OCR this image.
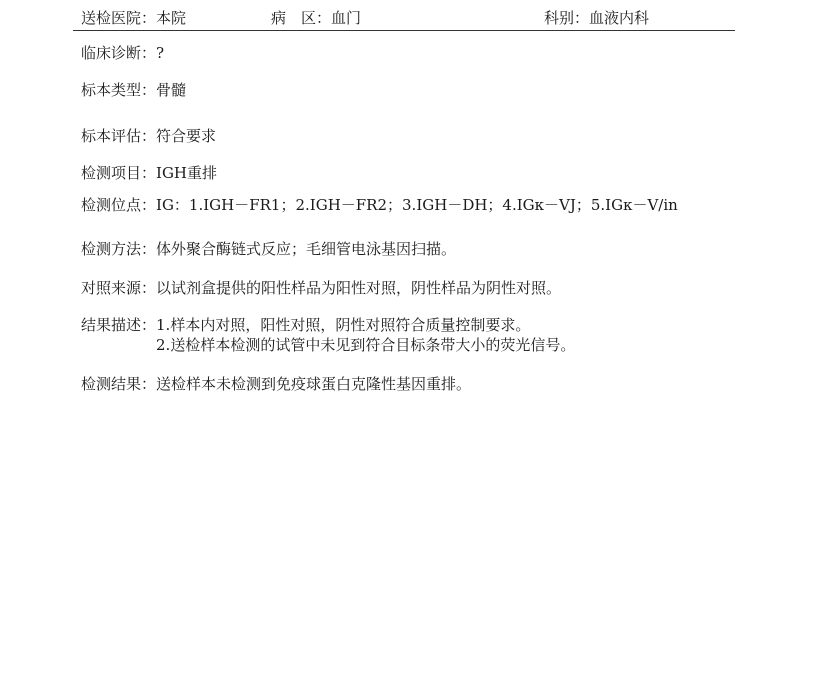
送检医院：本院	病　区：血门	科别：血液内科
临床诊断：?
标本类型：骨髓
标本评估：符合要求
检测项目：IGH重排
检测位点：IG：1.IGH－FR1；2.IGH－FR2；3.IGH－DH；4.IGκ－VJ；5.IGκ－V/in
检测方法：体外聚合酶链式反应；毛细管电泳基因扫描。
对照来源：以试剂盒提供的阳性样品为阳性对照，阴性样品为阴性对照。
结果描述： 1.样本内对照，阳性对照，阴性对照符合质量控制要求。
2.送检样本检测的试管中未见到符合目标条带大小的荧光信号。
检测结果：送检样本未检测到免疫球蛋白克隆性基因重排。
